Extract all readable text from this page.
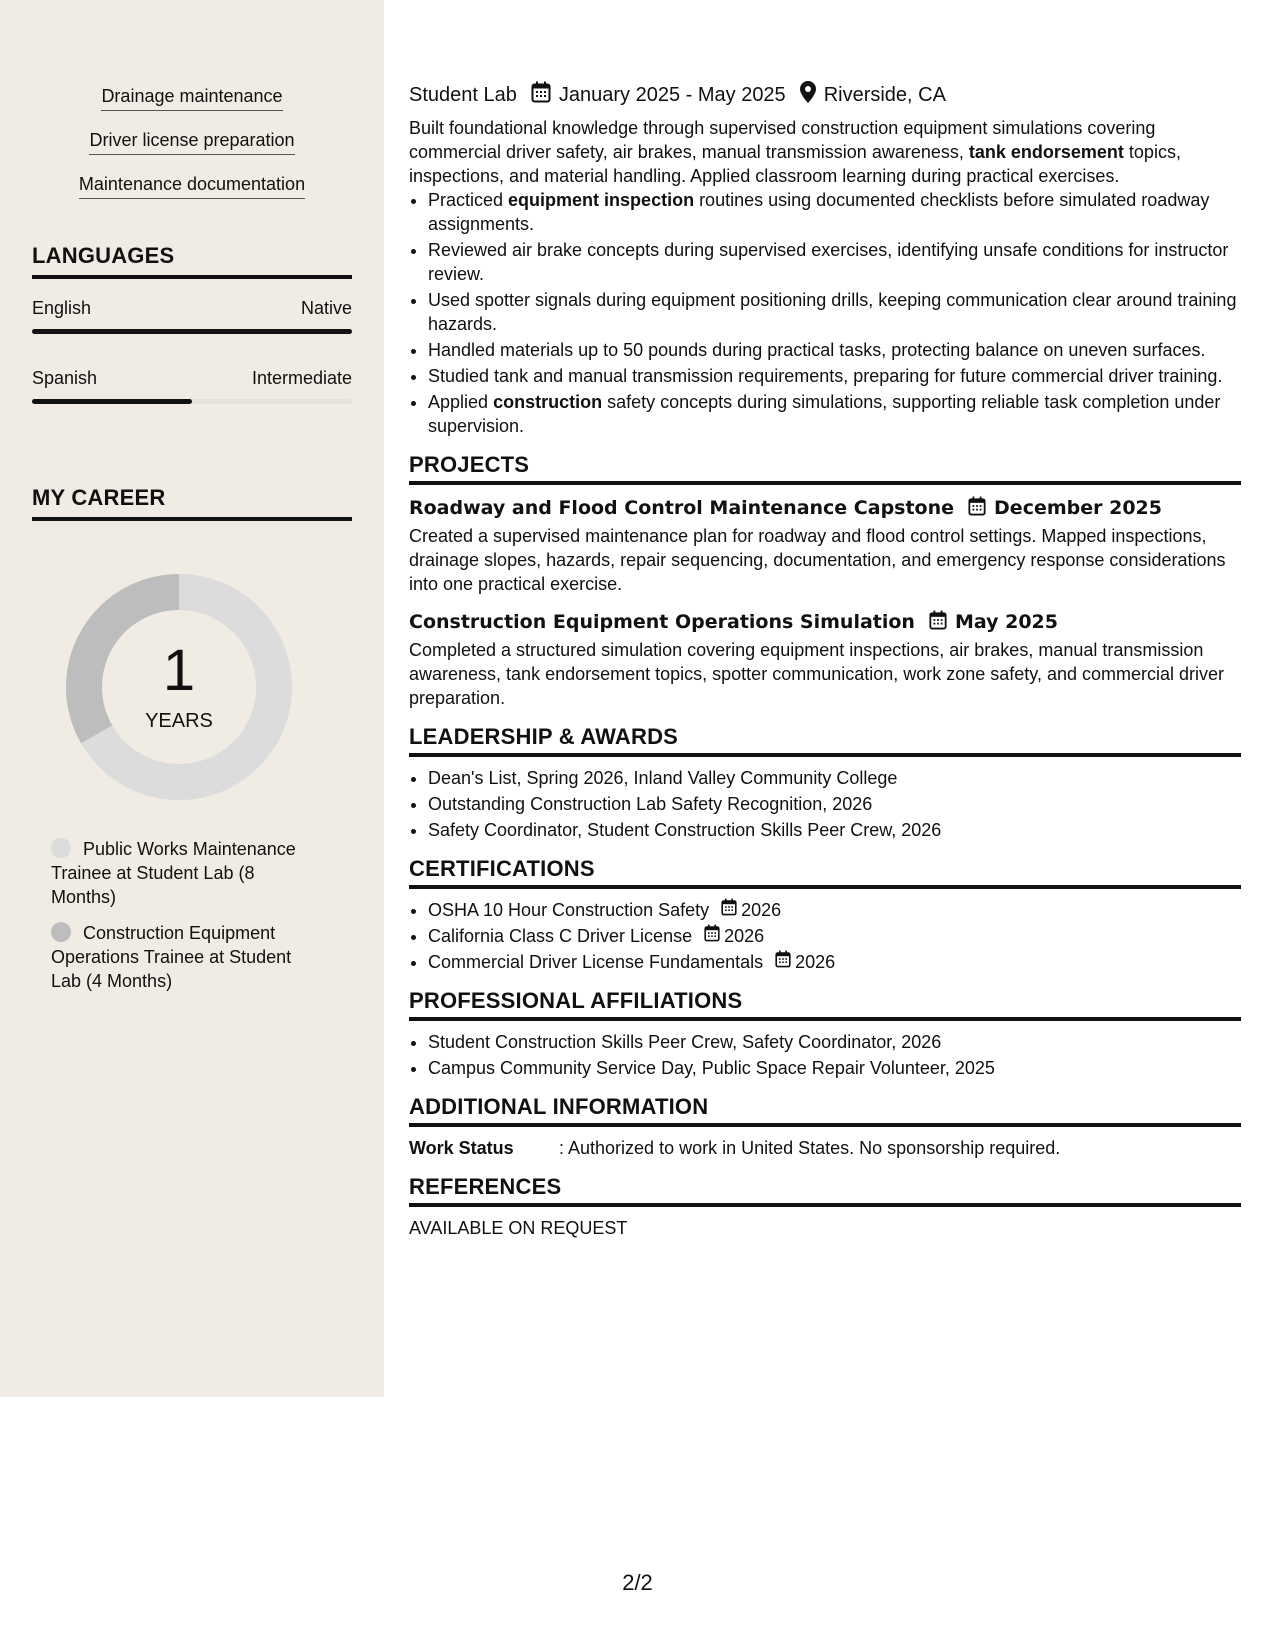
Drainage maintenance
Driver license preparation
Maintenance documentation
LANGUAGES
English	Native
Spanish	Intermediate
MY CAREER
1
YEARS
Public Works Maintenance Trainee at Student Lab (8 Months)
Construction Equipment Operations Trainee at Student Lab (4 Months)
Student Lab January 2025 - May 2025 Riverside, CA

Built foundational knowledge through supervised construction equipment simulations covering commercial driver safety, air brakes, manual transmission awareness, tank endorsement topics, inspections, and material handling. Applied classroom learning during practical exercises.

• Practiced equipment inspection routines using documented checklists before simulated roadway assignments.
• Reviewed air brake concepts during supervised exercises, identifying unsafe conditions for instructor review.
• Used spotter signals during equipment positioning drills, keeping communication clear around training hazards.
• Handled materials up to 50 pounds during practical tasks, protecting balance on uneven surfaces.
• Studied tank and manual transmission requirements, preparing for future commercial driver training.
• Applied construction safety concepts during simulations, supporting reliable task completion under supervision.
PROJECTS
Roadway and Flood Control Maintenance Capstone December 2025

Created a supervised maintenance plan for roadway and flood control settings. Mapped inspections, drainage slopes, hazards, repair sequencing, documentation, and emergency response considerations into one practical exercise.

Construction Equipment Operations Simulation May 2025

Completed a structured simulation covering equipment inspections, air brakes, manual transmission awareness, tank endorsement topics, spotter communication, work zone safety, and commercial driver preparation.

LEADERSHIP & AWARDS
• Dean's List, Spring 2026, Inland Valley Community College
• Outstanding Construction Lab Safety Recognition, 2026
• Safety Coordinator, Student Construction Skills Peer Crew, 2026
CERTIFICATIONS
• OSHA 10 Hour Construction Safety 2026
• California Class C Driver License 2026
• Commercial Driver License Fundamentals 2026
PROFESSIONAL AFFILIATIONS
• Student Construction Skills Peer Crew, Safety Coordinator, 2026
• Campus Community Service Day, Public Space Repair Volunteer, 2025
ADDITIONAL INFORMATION
Work Status	: Authorized to work in United States. No sponsorship required.
REFERENCES
AVAILABLE ON REQUEST
2/2
